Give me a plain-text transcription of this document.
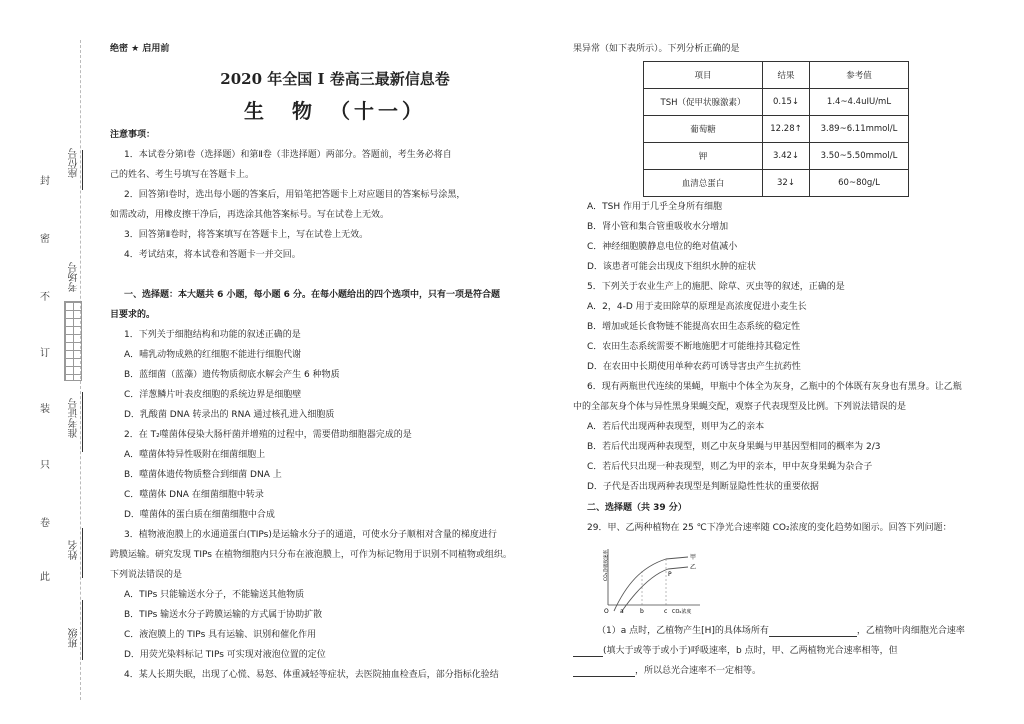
封
密
不
订
装
只
卷
此
座位号
考场号
准考证号
姓名
班级
绝密 ★ 启用前
2020 年全国 I 卷高三最新信息卷
生　物　（十一）
注意事项：
1．本试卷分第Ⅰ卷（选择题）和第Ⅱ卷（非选择题）两部分。答题前，考生务必将自
己的姓名、考生号填写在答题卡上。
2．回答第Ⅰ卷时，选出每小题的答案后，用铅笔把答题卡上对应题目的答案标号涂黑，
如需改动，用橡皮擦干净后，再选涂其他答案标号。写在试卷上无效。
3．回答第Ⅱ卷时，将答案填写在答题卡上，写在试卷上无效。
4．考试结束，将本试卷和答题卡一并交回。
一、选择题：本大题共 6 小题，每小题 6 分。在每小题给出的四个选项中，只有一项是符合题
目要求的。
1．下列关于细胞结构和功能的叙述正确的是
A．哺乳动物成熟的红细胞不能进行细胞代谢
B．蓝细菌（蓝藻）遗传物质彻底水解会产生 6 种物质
C．洋葱鳞片叶表皮细胞的系统边界是细胞壁
D．乳酸菌 DNA 转录出的 RNA 通过核孔进入细胞质
2．在 T₂噬菌体侵染大肠杆菌并增殖的过程中，需要借助细胞器完成的是
A．噬菌体特异性吸附在细菌细胞上
B．噬菌体遗传物质整合到细菌 DNA 上
C．噬菌体 DNA 在细菌细胞中转录
D．噬菌体的蛋白质在细菌细胞中合成
3．植物液泡膜上的水通道蛋白(TIPs)是运输水分子的通道，可使水分子顺相对含量的梯度进行
跨膜运输。研究发现 TIPs 在植物细胞内只分布在液泡膜上，可作为标记物用于识别不同植物或组织。
下列说法错误的是
A．TIPs 只能输送水分子，不能输送其他物质
B．TIPs 输送水分子跨膜运输的方式属于协助扩散
C．液泡膜上的 TIPs 具有运输、识别和催化作用
D．用荧光染料标记 TIPs 可实现对液泡位置的定位
4．某人长期失眠，出现了心慌、易怒、体重减轻等症状，去医院抽血检查后，部分指标化验结
果异常（如下表所示）。下列分析正确的是
项目	结果	参考值
TSH（促甲状腺激素）	0.15↓	1.4~4.4uIU/mL
葡萄糖	12.28↑	3.89~6.11mmol/L
钾	3.42↓	3.50~5.50mmol/L
血清总蛋白	32↓	60~80g/L
A．TSH 作用于几乎全身所有细胞
B．肾小管和集合管重吸收水分增加
C．神经细胞膜静息电位的绝对值减小
D．该患者可能会出现皮下组织水肿的症状
5．下列关于农业生产上的施肥、除草、灭虫等的叙述，正确的是
A．2，4-D 用于麦田除草的原理是高浓度促进小麦生长
B．增加或延长食物链不能提高农田生态系统的稳定性
C．农田生态系统需要不断地施肥才可能维持其稳定性
D．在农田中长期使用单种农药可诱导害虫产生抗药性
6．现有两瓶世代连续的果蝇，甲瓶中个体全为灰身，乙瓶中的个体既有灰身也有黑身。让乙瓶
中的全部灰身个体与异性黑身果蝇交配，观察子代表现型及比例。下列说法错误的是
A．若后代出现两种表现型，则甲为乙的亲本
B．若后代出现两种表现型，则乙中灰身果蝇与甲基因型相同的概率为 2/3
C．若后代只出现一种表现型，则乙为甲的亲本，甲中灰身果蝇为杂合子
D．子代是否出现两种表现型是判断显隐性性状的重要依据
二、选择题（共 39 分）
29．甲、乙两种植物在 25 ℃下净光合速率随 CO₂浓度的变化趋势如图示。回答下列问题：
CO₂净吸收速率
O a	b	c CO₂浓度
甲
乙
P
（1）a 点时，乙植物产生[H]的具体场所有	，乙植物叶肉细胞光合速率
(填大于或等于或小于)呼吸速率，b 点时，甲、乙两植物光合速率相等，但
，所以总光合速率不一定相等。
